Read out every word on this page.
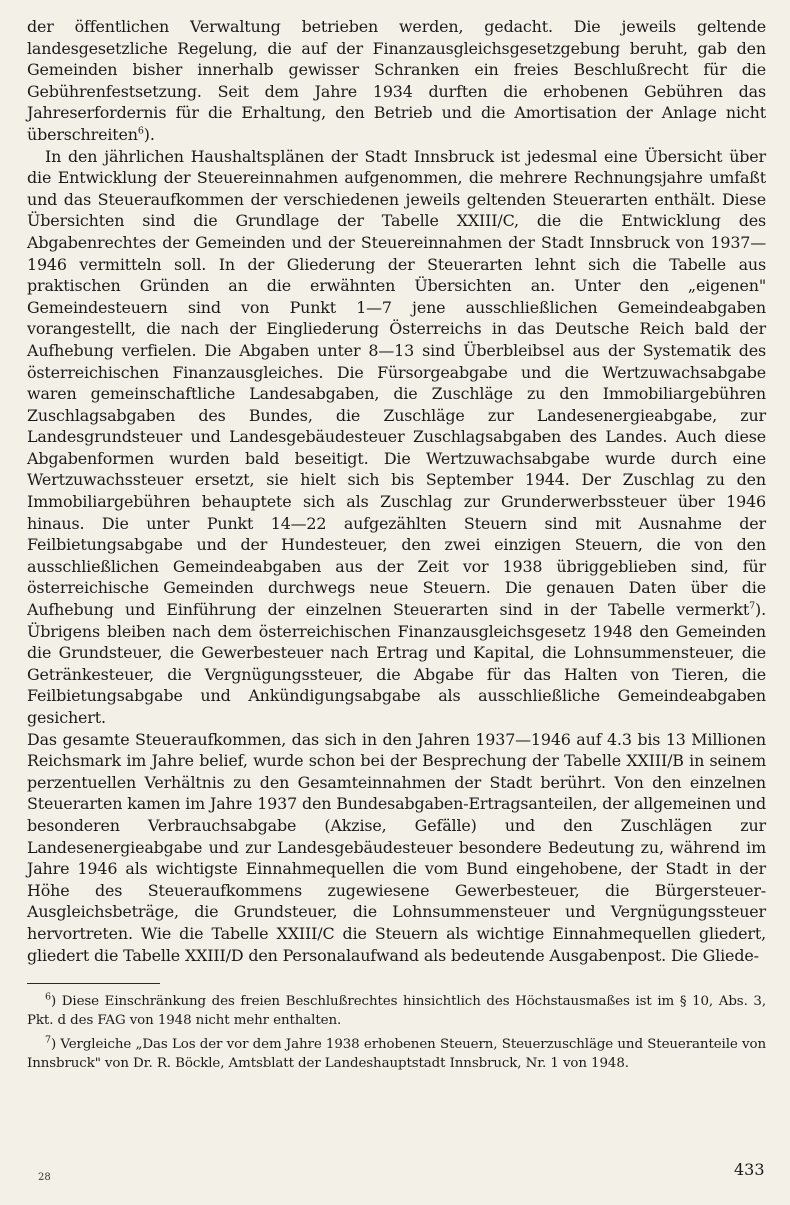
der öffentlichen Verwaltung betrieben werden, gedacht. Die jeweils geltende landesgesetzliche Regelung, die auf der Finanzausgleichsgesetzgebung beruht, gab den Gemeinden bisher innerhalb gewisser Schranken ein freies Beschlußrecht für die Gebührenfestsetzung. Seit dem Jahre 1934 durften die erhobenen Gebühren das Jahreserfordernis für die Erhaltung, den Betrieb und die Amortisation der Anlage nicht überschreiten$^6$).

In den jährlichen Haushaltsplänen der Stadt Innsbruck ist jedesmal eine Übersicht über die Entwicklung der Steuereinnahmen aufgenommen, die mehrere Rechnungsjahre umfaßt und das Steueraufkommen der verschiedenen jeweils geltenden Steuerarten enthält. Diese Übersichten sind die Grundlage der Tabelle XXIII/C, die die Entwicklung des Abgabenrechtes der Gemeinden und der Steuereinnahmen der Stadt Innsbruck von 1937—1946 vermitteln soll. In der Gliederung der Steuerarten lehnt sich die Tabelle aus praktischen Gründen an die erwähnten Übersichten an. Unter den „eigenen" Gemeindesteuern sind von Punkt 1—7 jene ausschließlichen Gemeindeabgaben vorangestellt, die nach der Eingliederung Österreichs in das Deutsche Reich bald der Aufhebung verfielen. Die Abgaben unter 8—13 sind Überbleibsel aus der Systematik des österreichischen Finanzausgleiches. Die Fürsorgeabgabe und die Wertzuwachsabgabe waren gemeinschaftliche Landesabgaben, die Zuschläge zu den Immobiliargebühren Zuschlagsabgaben des Bundes, die Zuschläge zur Landesenergieabgabe, zur Landesgrundsteuer und Landesgebäudesteuer Zuschlagsabgaben des Landes. Auch diese Abgabenformen wurden bald beseitigt. Die Wertzuwachsabgabe wurde durch eine Wertzuwachssteuer ersetzt, sie hielt sich bis September 1944. Der Zuschlag zu den Immobiliargebühren behauptete sich als Zuschlag zur Grunderwerbssteuer über 1946 hinaus. Die unter Punkt 14—22 aufgezählten Steuern sind mit Ausnahme der Feilbietungsabgabe und der Hundesteuer, den zwei einzigen Steuern, die von den ausschließlichen Gemeindeabgaben aus der Zeit vor 1938 übriggeblieben sind, für österreichische Gemeinden durchwegs neue Steuern. Die genauen Daten über die Aufhebung und Einführung der einzelnen Steuerarten sind in der Tabelle vermerkt$^7$). Übrigens bleiben nach dem österreichischen Finanzausgleichsgesetz 1948 den Gemeinden die Grundsteuer, die Gewerbesteuer nach Ertrag und Kapital, die Lohnsummensteuer, die Getränkesteuer, die Vergnügungssteuer, die Abgabe für das Halten von Tieren, die Feilbietungsabgabe und Ankündigungsabgabe als ausschließliche Gemeindeabgaben gesichert.

Das gesamte Steueraufkommen, das sich in den Jahren 1937—1946 auf 4.3 bis 13 Millionen Reichsmark im Jahre belief, wurde schon bei der Besprechung der Tabelle XXIII/B in seinem perzentuellen Verhältnis zu den Gesamteinnahmen der Stadt berührt. Von den einzelnen Steuerarten kamen im Jahre 1937 den Bundesabgaben-Ertragsanteilen, der allgemeinen und besonderen Verbrauchsabgabe (Akzise, Gefälle) und den Zuschlägen zur Landesenergieabgabe und zur Landesgebäudesteuer besondere Bedeutung zu, während im Jahre 1946 als wichtigste Einnahmequellen die vom Bund eingehobene, der Stadt in der Höhe des Steueraufkommens zugewiesene Gewerbesteuer, die Bürgersteuer-Ausgleichsbeträge, die Grundsteuer, die Lohnsummensteuer und Vergnügungssteuer hervortreten. Wie die Tabelle XXIII/C die Steuern als wichtige Einnahmequellen gliedert, gliedert die Tabelle XXIII/D den Personalaufwand als bedeutende Ausgabenpost. Die Gliede-

$^6$) Diese Einschränkung des freien Beschlußrechtes hinsichtlich des Höchstausmaßes ist im § 10, Abs. 3, Pkt. d des FAG von 1948 nicht mehr enthalten.

$^7$) Vergleiche „Das Los der vor dem Jahre 1938 erhobenen Steuern, Steuerzuschläge und Steueranteile von Innsbruck" von Dr. R. Böckle, Amtsblatt der Landeshauptstadt Innsbruck, Nr. 1 von 1948.

28	433
